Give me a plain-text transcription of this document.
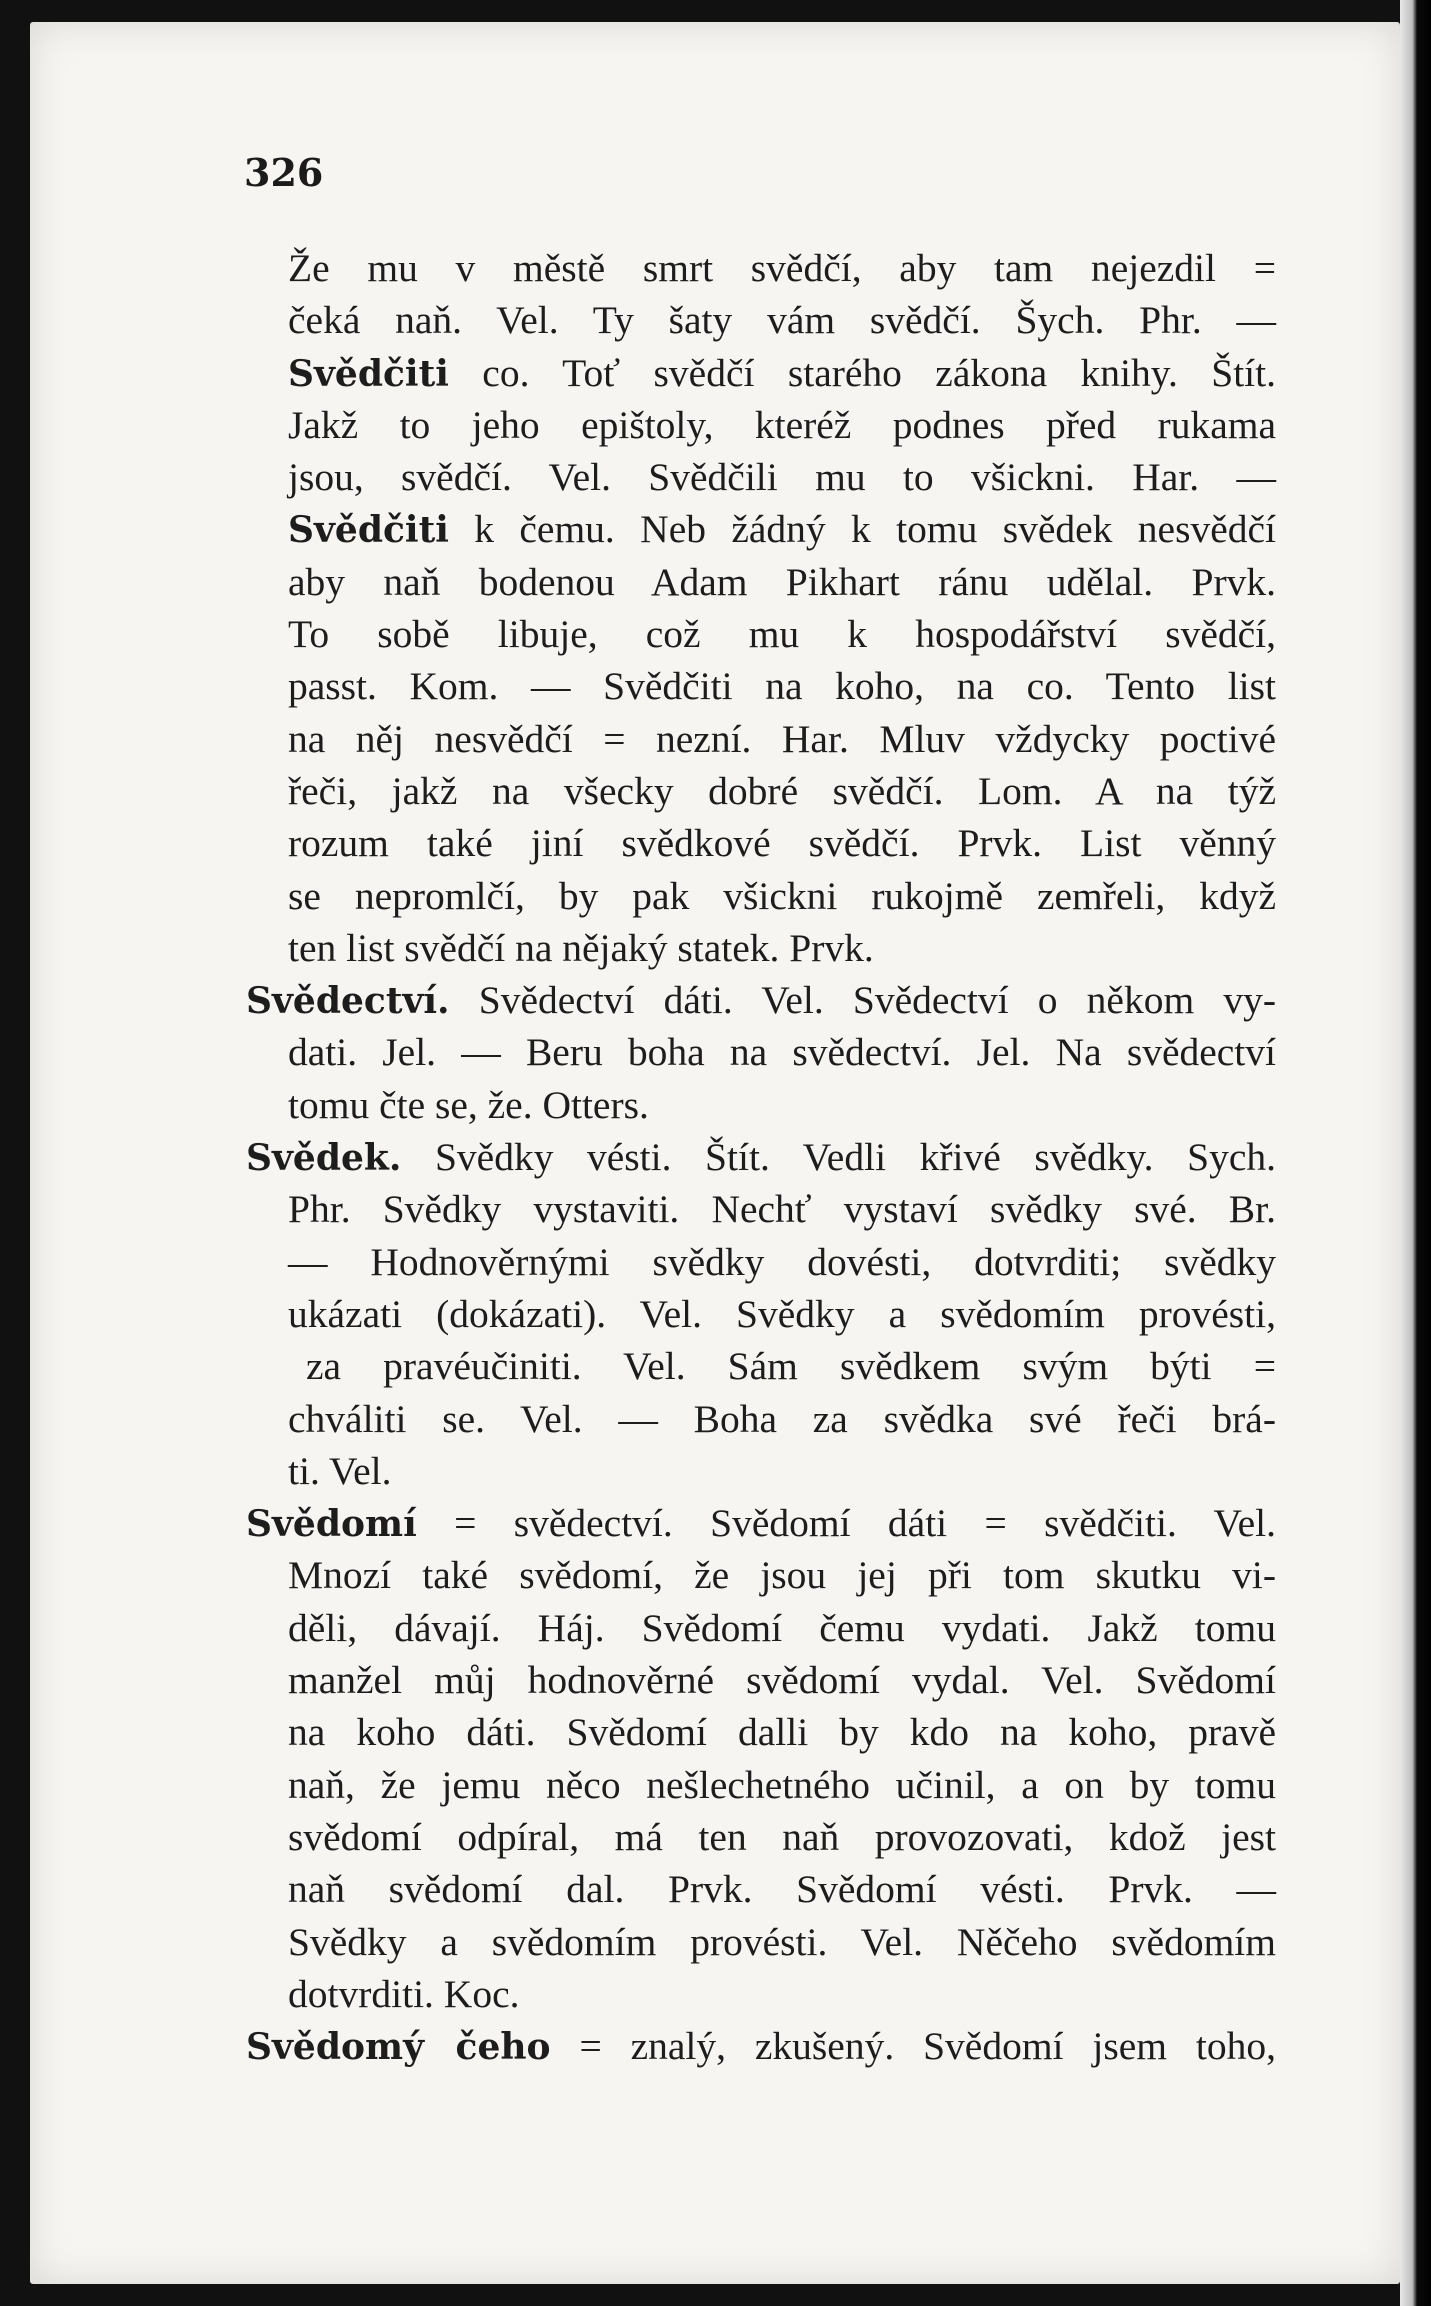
326
Že mu v městě smrt svědčí, aby tam nejezdil =
čeká naň. Vel. Ty šaty vám svědčí. Šych. Phr. —
Svědčiti co. Toť svědčí starého zákona knihy. Štít.
Jakž to jeho epištoly, kteréž podnes před rukama
jsou, svědčí. Vel. Svědčili mu to všickni. Har. —
Svědčiti k čemu. Neb žádný k tomu svědek nesvědčí
aby naň bodenou Adam Pikhart ránu udělal. Prvk.
To sobě libuje, což mu k hospodářství svědčí,
passt. Kom. — Svědčiti na koho, na co. Tento list
na něj nesvědčí = nezní. Har. Mluv vždycky poctivé
řeči, jakž na všecky dobré svědčí. Lom. A na týž
rozum také jiní svědkové svědčí. Prvk. List věnný
se nepromlčí, by pak všickni rukojmě zemřeli, když
ten list svědčí na nějaký statek. Prvk.
Svědectví. Svědectví dáti. Vel. Svědectví o někom vy-
dati. Jel. — Beru boha na svědectví. Jel. Na svědectví
tomu čte se, že. Otters.
Svědek. Svědky vésti. Štít. Vedli křivé svědky. Sych.
Phr. Svědky vystaviti. Nechť vystaví svědky své. Br.
— Hodnověrnými svědky dovésti, dotvrditi; svědky
ukázati (dokázati). Vel. Svědky a svědomím provésti,
za pravéučiniti. Vel. Sám svědkem svým býti =
chváliti se. Vel. — Boha za svědka své řeči brá-
ti. Vel.
Svědomí = svědectví. Svědomí dáti = svědčiti. Vel.
Mnozí také svědomí, že jsou jej při tom skutku vi-
děli, dávají. Háj. Svědomí čemu vydati. Jakž tomu
manžel můj hodnověrné svědomí vydal. Vel. Svědomí
na koho dáti. Svědomí dalli by kdo na koho, pravě
naň, že jemu něco nešlechetného učinil, a on by tomu
svědomí odpíral, má ten naň provozovati, kdož jest
naň svědomí dal. Prvk. Svědomí vésti. Prvk. —
Svědky a svědomím provésti. Vel. Něčeho svědomím
dotvrditi. Koc.
Svědomý čeho = znalý, zkušený. Svědomí jsem toho,
